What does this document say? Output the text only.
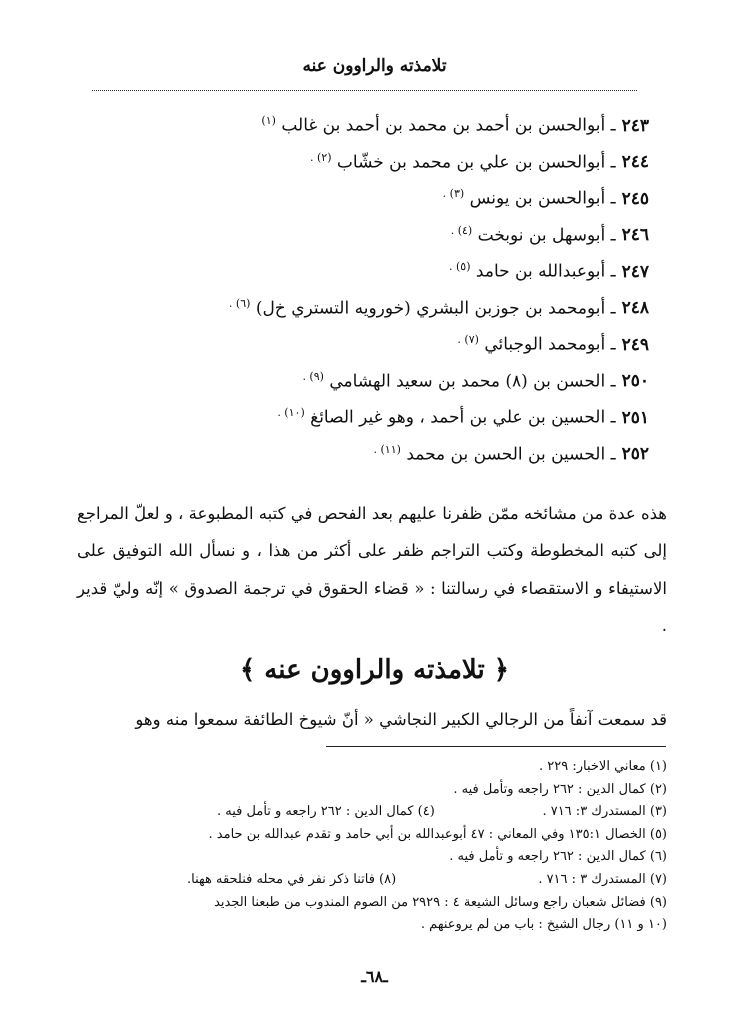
تلامذته والراوون عنه
٢٤٣ـ أبوالحسن بن أحمد بن محمد بن أحمد بن غالب $^{(١)}$
٢٤٤ـ أبوالحسن بن علي بن محمد بن خشّاب $^{(٢) .}$
٢٤٥ـ أبوالحسن بن يونس $^{(٣) .}$
٢٤٦ـ أبوسهل بن نوبخت $^{(٤) .}$
٢٤٧ـ أبوعبدالله بن حامد $^{(٥) .}$
٢٤٨ـ أبومحمد بن جوزبن البشري (خورويه التستري خ‌ل) $^{(٦) .}$
٢٤٩ـ أبومحمد الوجبائي $^{(٧) .}$
٢٥٠ـ الحسن بن (٨) محمد بن سعيد الهشامي $^{(٩) .}$
٢٥١ـ الحسين بن علي بن أحمد ، وهو غير الصائغ $^{(١٠) .}$
٢٥٢ـ الحسين بن الحسن بن محمد $^{(١١) .}$

هذه عدة من مشائخه ممّن ظفرنا عليهم بعد الفحص في كتبه المطبوعة ، و لعلّ المراجع إلى كتبه المخطوطة وكتب التراجم ظفر على أكثر من هذا ، و نسأل الله التوفيق على الاستيفاء و الاستقصاء في رسالتنا : « قضاء الحقوق في ترجمة الصدوق » إنّه وليّ قدير .

﴿ تلامذته والراوون عنه ﴾
قد سمعت آنفاً من الرجالي الكبير النجاشي « أنّ شيوخ الطائفة سمعوا منه وهو
(١) معاني الاخبار: ٢٢٩ .
(٢) كمال الدين : ٢٦٢ راجعه وتأمل فيه .
(٣) المستدرك ٣: ٧١٦ .
(٤) كمال الدين : ٢٦٢ راجعه و تأمل فيه .
(٥) الخصال ١٣٥:١ وفي المعاني : ٤٧ أبوعبدالله بن أبي حامد و تقدم عبدالله بن حامد .
(٦) كمال الدين : ٢٦٢ راجعه و تأمل فيه .
(٧) المستدرك ٣ : ٧١٦ .
(٨) فاتنا ذكر نفر في محله فنلحقه ههنا.
(٩) فضائل شعبان راجع وسائل الشيعة ٤ : ٢٩٢٩ من الصوم المندوب من طبعنا الجديد
(١٠ و ١١) رجال الشيخ : باب من لم يروعنهم .
ـ٦٨ـ
